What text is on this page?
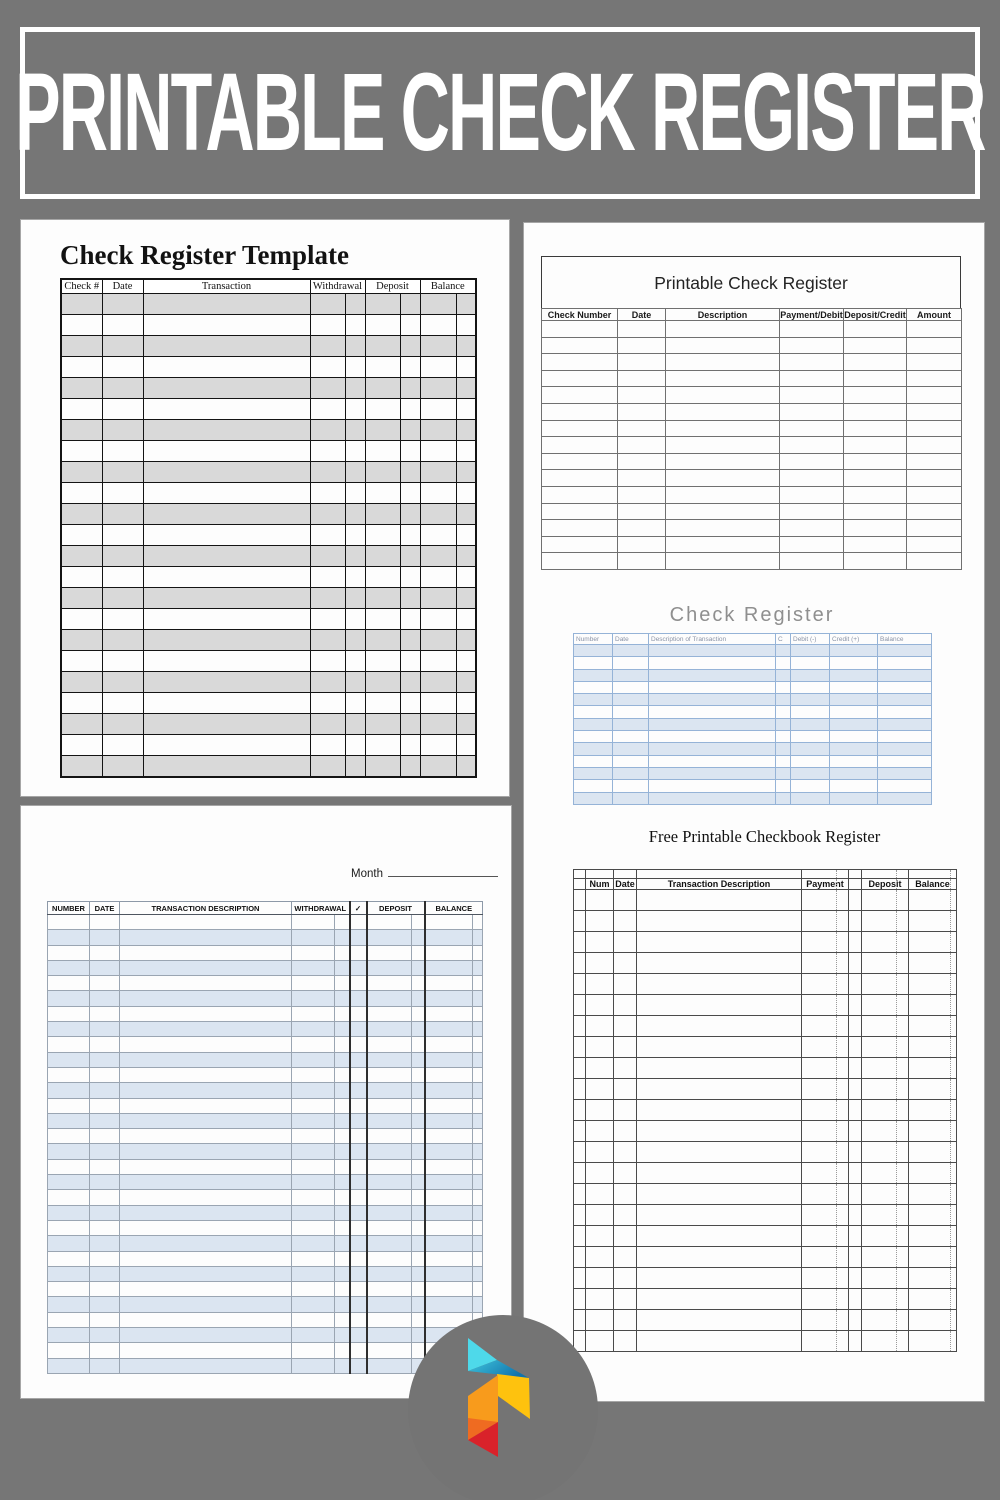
PRINTABLE CHECK REGISTER
Check Register Template
Check #	Date	Transaction	Withdrawal		Deposit		Balance	

									Printable Check Register
Check Number	Date	Description	Payment/Debit	Deposit/Credit	Amount

Check Register
Number	Date	Description of Transaction	C	Debit (-)	Credit (+)	Balance

Free Printable Checkbook Register

	Num	Date	Transaction Description	Payment		Deposit	Balance

Month
NUMBER	DATE	TRANSACTION DESCRIPTION	WITHDRAWAL		✓	DEPOSIT		BALANCE	
